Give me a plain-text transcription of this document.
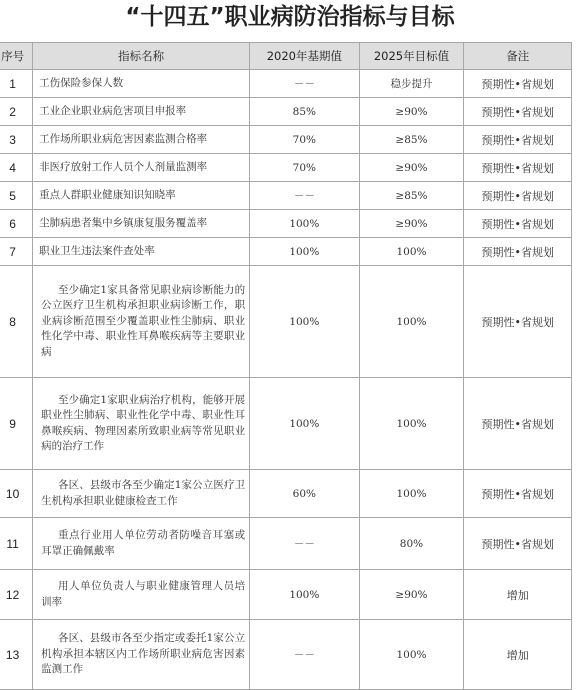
“十四五”职业病防治指标与目标
序号	指标名称	2020年基期值	2025年目标值	备注
1	工伤保险参保人数	－－	稳步提升	预期性•省规划
2	工业企业职业病危害项目申报率	85%	≥90%	预期性•省规划
3	工作场所职业病危害因素监测合格率	70%	≥85%	预期性•省规划
4	非医疗放射工作人员个人剂量监测率	70%	≥90%	预期性•省规划
5	重点人群职业健康知识知晓率	－－	≥85%	预期性•省规划
6	尘肺病患者集中乡镇康复服务覆盖率	100%	≥90%	预期性•省规划
7	职业卫生违法案件查处率	100%	100%	预期性•省规划
8	至少确定1家具备常见职业病诊断能力的公立医疗卫生机构承担职业病诊断工作，职业病诊断范围至少覆盖职业性尘肺病、职业性化学中毒、职业性耳鼻喉疾病等主要职业病	100%	100%	预期性•省规划
9	至少确定1家职业病治疗机构，能够开展职业性尘肺病、职业性化学中毒、职业性耳鼻喉疾病、物理因素所致职业病等常见职业病的治疗工作	100%	100%	预期性•省规划
10	各区、县级市各至少确定1家公立医疗卫生机构承担职业健康检查工作	60%	100%	预期性•省规划
11	重点行业用人单位劳动者防噪音耳塞或耳罩正确佩戴率	－－	80%	预期性•省规划
12	用人单位负责人与职业健康管理人员培训率	100%	≥90%	增加
13	各区、县级市各至少指定或委托1家公立机构承担本辖区内工作场所职业病危害因素监测工作	－－	100%	增加
